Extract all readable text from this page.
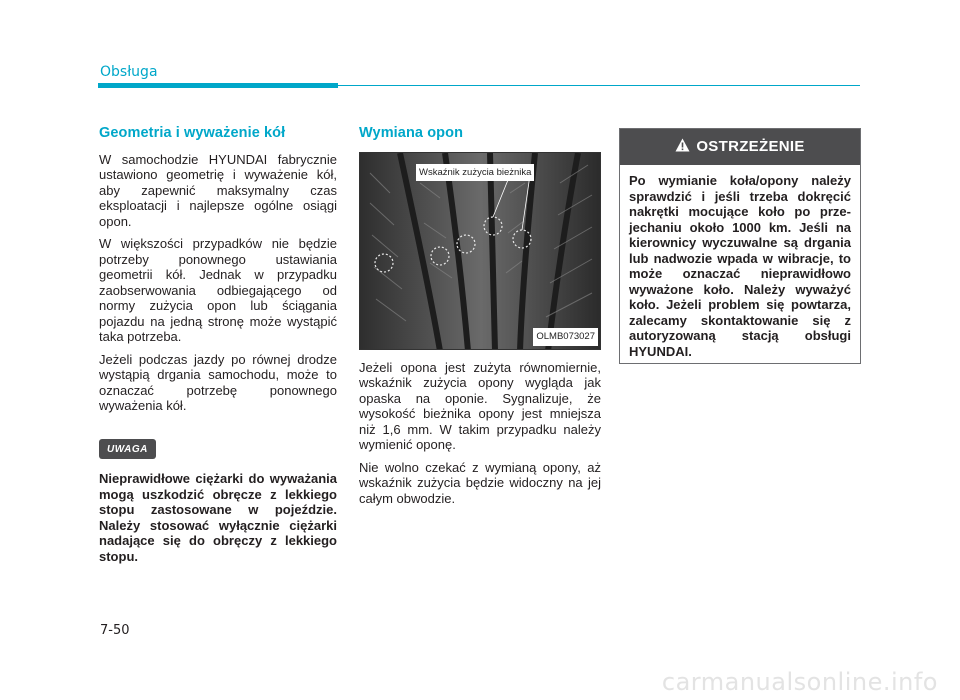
Obsługa
Geometria i wyważenie kół

W samochodzie HYUNDAI fabrycznie ustawiono geometrię i wyważenie kół, aby zapewnić maksymalny czas eksploatacji i najlepsze ogólne osiągi opon.

W większości przypadków nie będzie potrzeby ponownego ustawiania geometrii kół. Jednak w przypadku zaobserwowania odbiegającego od normy zużycia opon lub ściągania pojazdu na jedną stronę może wystąpić taka potrzeba.

Jeżeli podczas jazdy po równej drodze wystąpią drgania samochodu, może to oznaczać potrzebę ponownego wyważenia kół.

UWAGA

Nieprawidłowe ciężarki do wyważania mogą uszkodzić obręcze z lekkiego stopu zastosowane w pojeździe. Należy stosować wyłącznie ciężarki nadające się do obręczy z lekkiego stopu.

Wymiana opon
Wskaźnik zużycia bieżnika
OLMB073027

Jeżeli opona jest zużyta równomiernie, wskaźnik zużycia opony wygląda jak opaska na oponie. Sygnalizuje, że wysokość bieżnika opony jest mniejsza niż 1,6 mm. W takim przypadku należy wymienić oponę.

Nie wolno czekać z wymianą opony, aż wskaźnik zużycia będzie widoczny na jej całym obwodzie.

OSTRZEŻENIE

Po wymianie koła/opony należy sprawdzić i jeśli trzeba dokręcić nakrętki mocujące koło po przejechaniu około 1000 km. Jeśli na kierownicy wyczuwalne są drgania lub nadwozie wpada w wibracje, to może oznaczać nieprawidłowo wyważone koło. Należy wyważyć koło. Jeżeli problem się powtarza, zalecamy skontaktowanie się z autoryzowaną stacją obsługi HYUNDAI.

7-50
carmanualsonline.info
